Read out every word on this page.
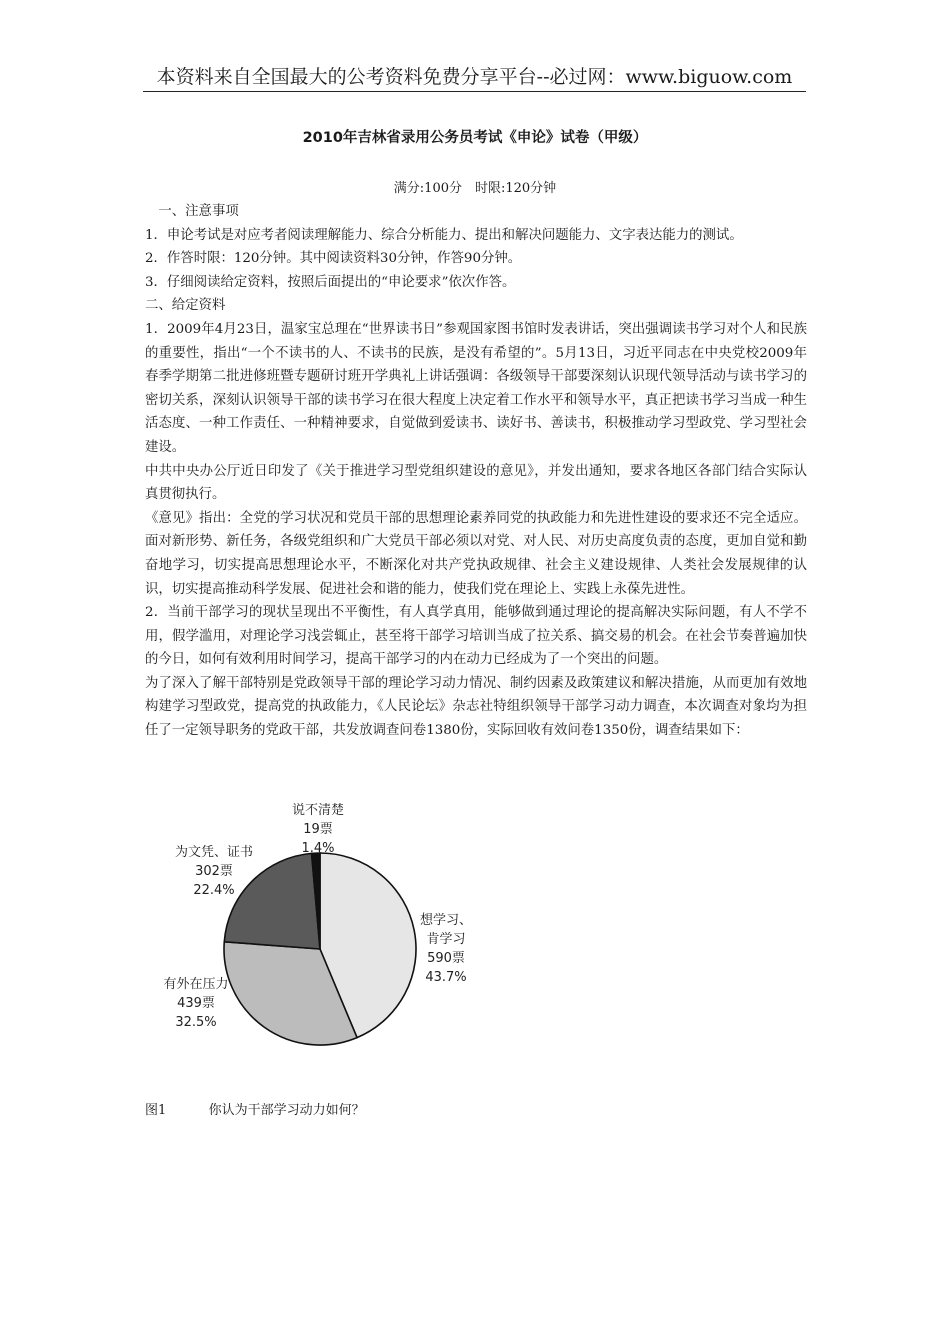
本资料来自全国最大的公考资料免费分享平台--必过网：www.biguow.com
2010年吉林省录用公务员考试《申论》试卷（甲级）
满分:100分　时限:120分钟

　一、注意事项

1．申论考试是对应考者阅读理解能力、综合分析能力、提出和解决问题能力、文字表达能力的测试。

2．作答时限：120分钟。其中阅读资料30分钟，作答90分钟。

3．仔细阅读给定资料，按照后面提出的“申论要求”依次作答。

二、给定资料

1．2009年4月23日，温家宝总理在“世界读书日”参观国家图书馆时发表讲话，突出强调读书学习对个人和民族的重要性，指出“一个不读书的人、不读书的民族，是没有希望的”。5月13日，习近平同志在中央党校2009年春季学期第二批进修班暨专题研讨班开学典礼上讲话强调：各级领导干部要深刻认识现代领导活动与读书学习的密切关系，深刻认识领导干部的读书学习在很大程度上决定着工作水平和领导水平，真正把读书学习当成一种生活态度、一种工作责任、一种精神要求，自觉做到爱读书、读好书、善读书，积极推动学习型政党、学习型社会建设。

中共中央办公厅近日印发了《关于推进学习型党组织建设的意见》，并发出通知，要求各地区各部门结合实际认真贯彻执行。

《意见》指出：全党的学习状况和党员干部的思想理论素养同党的执政能力和先进性建设的要求还不完全适应。面对新形势、新任务，各级党组织和广大党员干部必须以对党、对人民、对历史高度负责的态度，更加自觉和勤奋地学习，切实提高思想理论水平，不断深化对共产党执政规律、社会主义建设规律、人类社会发展规律的认识，切实提高推动科学发展、促进社会和谐的能力，使我们党在理论上、实践上永葆先进性。

2．当前干部学习的现状呈现出不平衡性，有人真学真用，能够做到通过理论的提高解决实际问题，有人不学不用，假学滥用，对理论学习浅尝辄止，甚至将干部学习培训当成了拉关系、搞交易的机会。在社会节奏普遍加快的今日，如何有效利用时间学习，提高干部学习的内在动力已经成为了一个突出的问题。

为了深入了解干部特别是党政领导干部的理论学习动力情况、制约因素及政策建议和解决措施，从而更加有效地构建学习型政党，提高党的执政能力，《人民论坛》杂志社特组织领导干部学习动力调查，本次调查对象均为担任了一定领导职务的党政干部，共发放调查问卷1380份，实际回收有效问卷1350份，调查结果如下：

想学习、
肯学习
590票
43.7%
有外在压力
439票
32.5%
为文凭、证书
302票
22.4%
说不清楚
19票
1.4%
图1	你认为干部学习动力如何？
